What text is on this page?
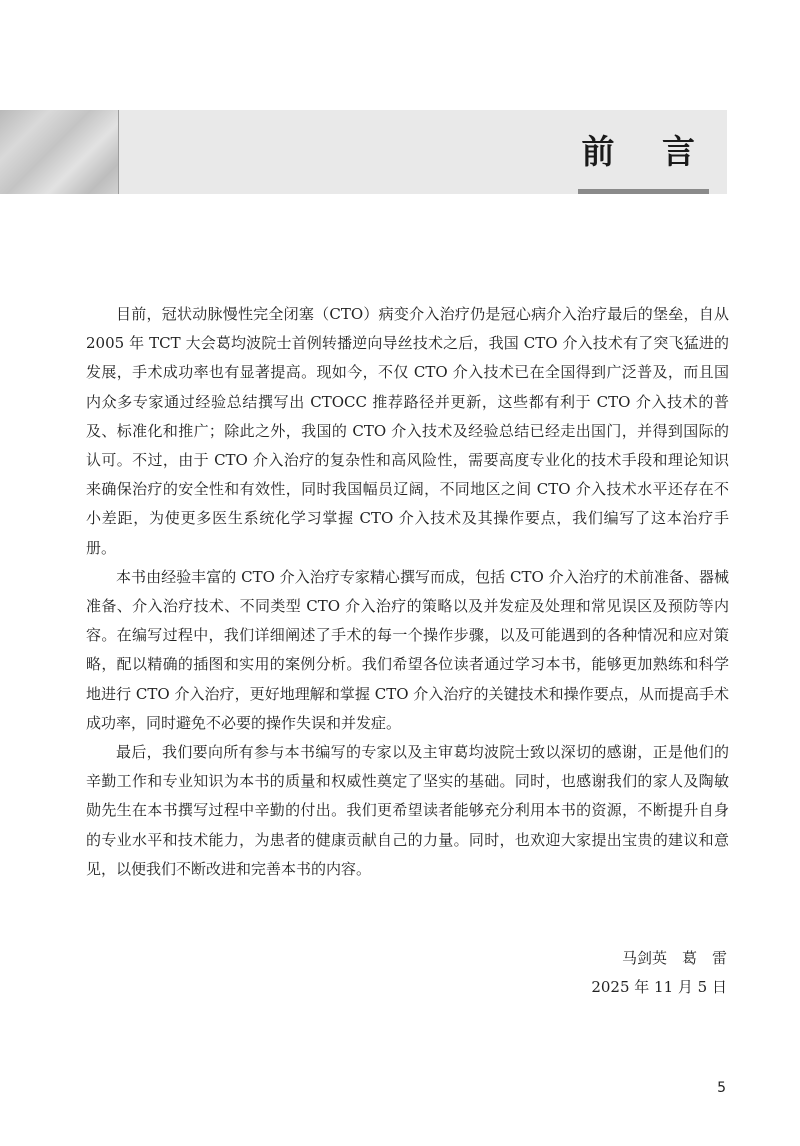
前 言

目前，冠状动脉慢性完全闭塞（CTO）病变介入治疗仍是冠心病介入治疗最后的堡垒，自从 2005 年 TCT 大会葛均波院士首例转播逆向导丝技术之后，我国 CTO 介入技术有了突飞猛进的发展，手术成功率也有显著提高。现如今，不仅 CTO 介入技术已在全国得到广泛普及，而且国内众多专家通过经验总结撰写出 CTOCC 推荐路径并更新，这些都有利于 CTO 介入技术的普及、标准化和推广；除此之外，我国的 CTO 介入技术及经验总结已经走出国门，并得到国际的认可。不过，由于 CTO 介入治疗的复杂性和高风险性，需要高度专业化的技术手段和理论知识来确保治疗的安全性和有效性，同时我国幅员辽阔，不同地区之间 CTO 介入技术水平还存在不小差距，为使更多医生系统化学习掌握 CTO 介入技术及其操作要点，我们编写了这本治疗手册。

本书由经验丰富的 CTO 介入治疗专家精心撰写而成，包括 CTO 介入治疗的术前准备、器械准备、介入治疗技术、不同类型 CTO 介入治疗的策略以及并发症及处理和常见误区及预防等内容。在编写过程中，我们详细阐述了手术的每一个操作步骤，以及可能遇到的各种情况和应对策略，配以精确的插图和实用的案例分析。我们希望各位读者通过学习本书，能够更加熟练和科学地进行 CTO 介入治疗，更好地理解和掌握 CTO 介入治疗的关键技术和操作要点，从而提高手术成功率，同时避免不必要的操作失误和并发症。

最后，我们要向所有参与本书编写的专家以及主审葛均波院士致以深切的感谢，正是他们的辛勤工作和专业知识为本书的质量和权威性奠定了坚实的基础。同时，也感谢我们的家人及陶敏勋先生在本书撰写过程中辛勤的付出。我们更希望读者能够充分利用本书的资源，不断提升自身的专业水平和技术能力，为患者的健康贡献自己的力量。同时，也欢迎大家提出宝贵的建议和意见，以便我们不断改进和完善本书的内容。

马剑英　葛　雷
2025 年 11 月 5 日
5
